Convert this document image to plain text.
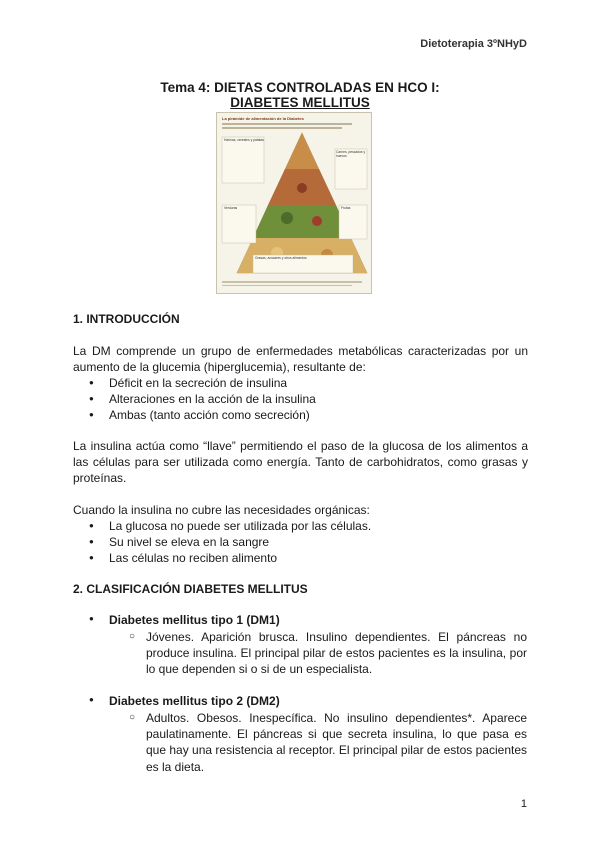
Dietoterapia 3ºNHyD
Tema 4: DIETAS CONTROLADAS EN HCO I:
DIABETES MELLITUS
La pirámide de alimentación de la Diabetes
Harinas, cereales y patatas
Carnes, pescados y huevos
Verduras	Frutas
Grasas, azúcares y otros alimentos
1. INTRODUCCIÓN
La DM comprende un grupo de enfermedades metabólicas caracterizadas por un aumento de la glucemia (hiperglucemia), resultante de:
● Déficit en la secreción de insulina
● Alteraciones en la acción de la insulina
● Ambas (tanto acción como secreción)
La insulina actúa como “llave” permitiendo el paso de la glucosa de los alimentos a las células para ser utilizada como energía. Tanto de carbohidratos, como grasas y proteínas.
Cuando la insulina no cubre las necesidades orgánicas:
● La glucosa no puede ser utilizada por las células.
● Su nivel se eleva en la sangre
● Las células no reciben alimento
2. CLASIFICACIÓN DIABETES MELLITUS
● Diabetes mellitus tipo 1 (DM1)
○ Jóvenes. Aparición brusca. Insulino dependientes. El páncreas no produce insulina. El principal pilar de estos pacientes es la insulina, por lo que dependen si o si de un especialista.
● Diabetes mellitus tipo 2 (DM2)
○ Adultos. Obesos. Inespecífica. No insulino dependientes*. Aparece paulatinamente. El páncreas si que secreta insulina, lo que pasa es que hay una resistencia al receptor. El principal pilar de estos pacientes es la dieta.
1
